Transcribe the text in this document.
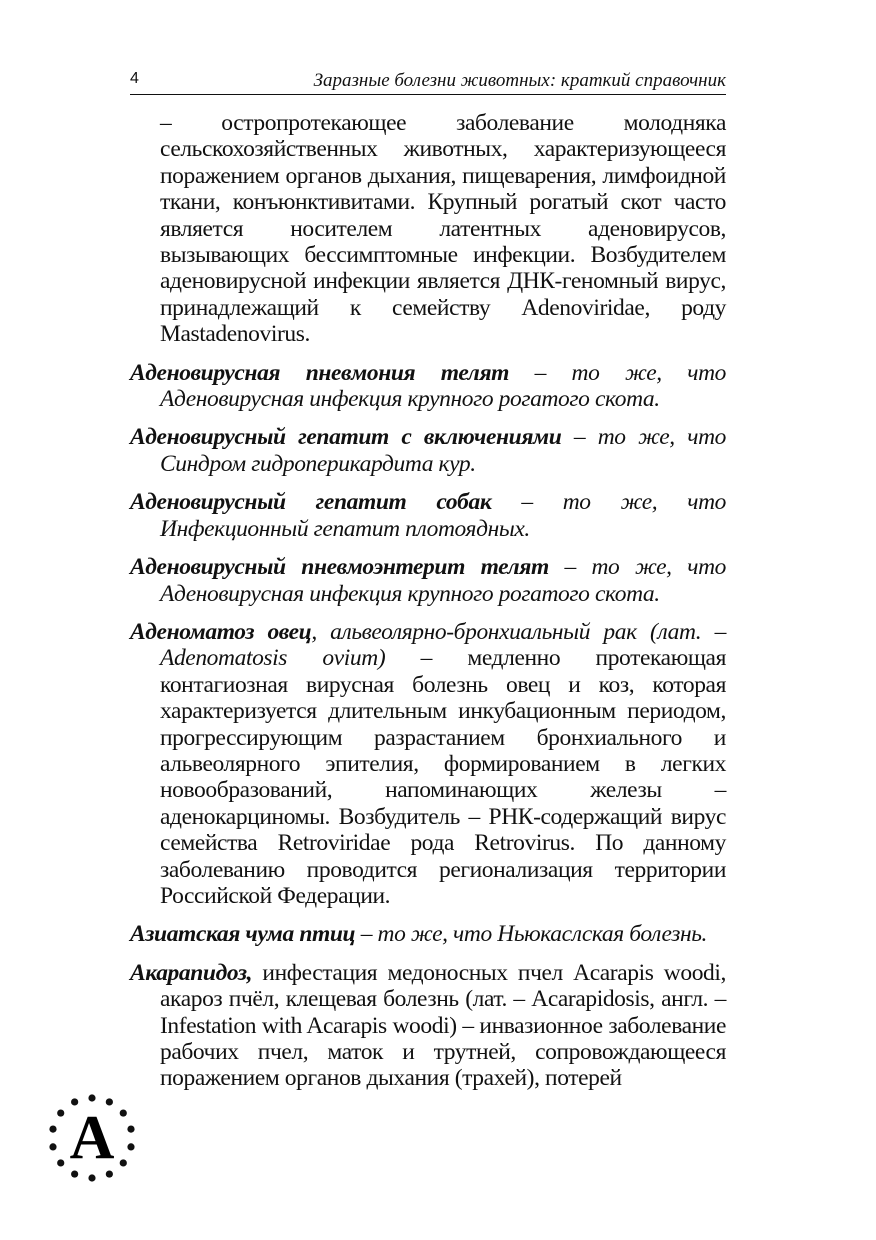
4	Заразные болезни животных: краткий справочник

– остропротекающее заболевание молодняка сельскохозяйственных животных, характеризующееся поражением органов дыхания, пищеварения, лимфоидной ткани, конъюнктивитами. Крупный рогатый скот часто является носителем латентных аденовирусов, вызывающих бессимптомные инфекции. Возбудителем аденовирусной инфекции является ДНК-геномный вирус, принадлежащий к семейству Adenoviridae, роду Mastadenovirus.

Аденовирусная пневмония телят – то же, что Аденовирусная инфекция крупного рогатого скота.

Аденовирусный гепатит с включениями – то же, что Синдром гидроперикардита кур.

Аденовирусный гепатит собак – то же, что Инфекционный гепатит плотоядных.

Аденовирусный пневмоэнтерит телят – то же, что Аденовирусная инфекция крупного рогатого скота.

Аденоматоз овец, альвеолярно-бронхиальный рак (лат. – Adenomatosis ovium) – медленно протекающая контагиозная вирусная болезнь овец и коз, которая характеризуется длительным инкубационным периодом, прогрессирующим разрастанием бронхиального и альвеолярного эпителия, формированием в легких новообразований, напоминающих железы – аденокарциномы. Возбудитель – РНК-содержащий вирус семейства Retroviridae рода Retrovirus. По данному заболеванию проводится регионализация территории Российской Федерации.

Азиатская чума птиц – то же, что Ньюкаслская болезнь.

Акарапидоз, инфестация медоносных пчел Acarapis woodi, акароз пчёл, клещевая болезнь (лат. – Acarapidosis, англ. – Infestation with Acarapis woodi) – инвазионное заболевание рабочих пчел, маток и трутней, сопровождающееся поражением органов дыхания (трахей), потерей

А
